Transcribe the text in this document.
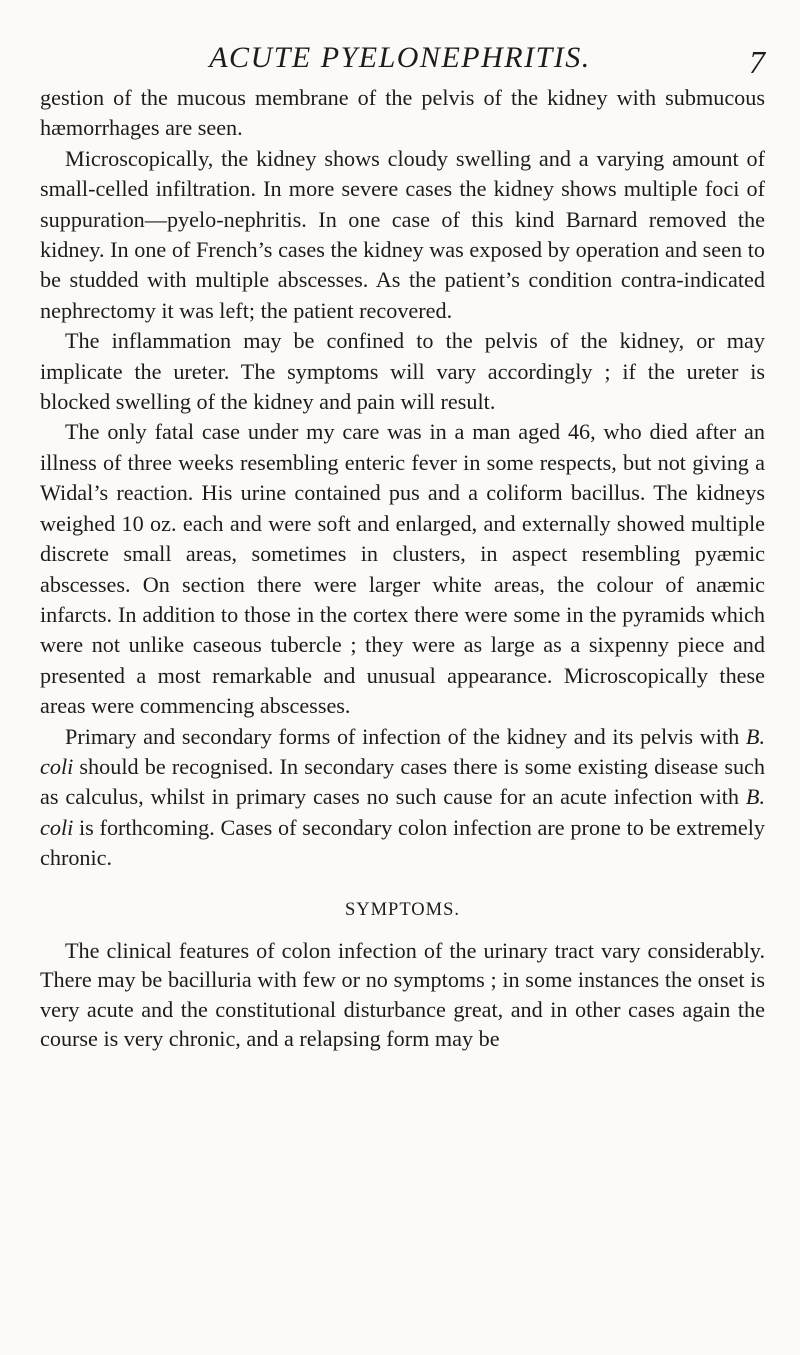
ACUTE PYELONEPHRITIS.	7

gestion of the mucous membrane of the pelvis of the kidney with submucous hæmorrhages are seen.

Microscopically, the kidney shows cloudy swelling and a varying amount of small-celled infiltration. In more severe cases the kidney shows multiple foci of suppuration—pyelo-nephritis. In one case of this kind Barnard removed the kidney. In one of French’s cases the kidney was exposed by operation and seen to be studded with multiple abscesses. As the patient’s condition contra-indicated nephrectomy it was left; the patient recovered.

The inflammation may be confined to the pelvis of the kidney, or may implicate the ureter. The symptoms will vary accordingly ; if the ureter is blocked swelling of the kidney and pain will result.

The only fatal case under my care was in a man aged 46, who died after an illness of three weeks resembling enteric fever in some respects, but not giving a Widal’s reaction. His urine contained pus and a coliform bacillus. The kidneys weighed 10 oz. each and were soft and enlarged, and externally showed multiple discrete small areas, sometimes in clusters, in aspect resembling pyæmic abscesses. On section there were larger white areas, the colour of anæmic infarcts. In addition to those in the cortex there were some in the pyramids which were not unlike caseous tubercle ; they were as large as a sixpenny piece and presented a most remarkable and unusual appearance. Microscopically these areas were commencing abscesses.

Primary and secondary forms of infection of the kidney and its pelvis with B. coli should be recognised. In secondary cases there is some existing disease such as calculus, whilst in primary cases no such cause for an acute infection with B. coli is forthcoming. Cases of secondary colon infection are prone to be extremely chronic.

SYMPTOMS.

The clinical features of colon infection of the urinary tract vary considerably. There may be bacilluria with few or no symptoms ; in some instances the onset is very acute and the constitutional disturbance great, and in other cases again the course is very chronic, and a relapsing form may be
